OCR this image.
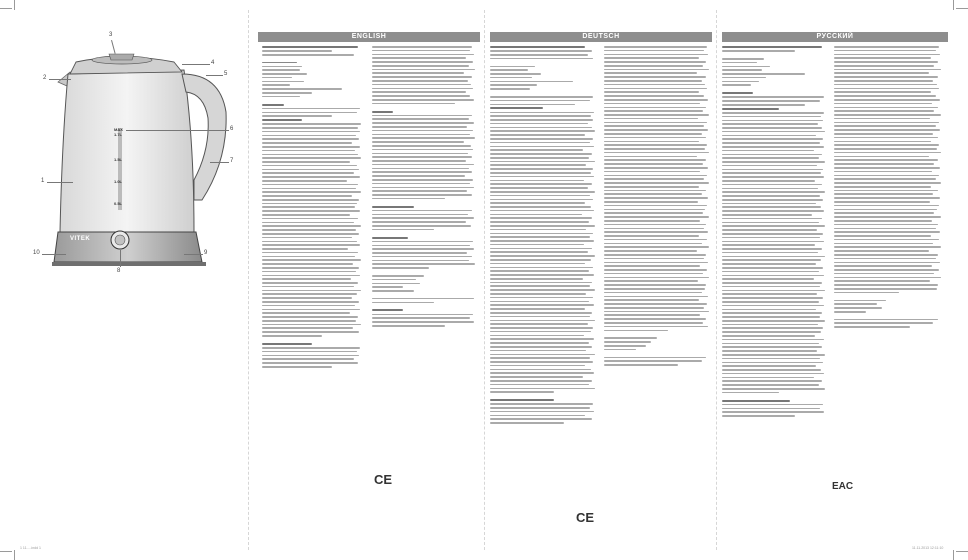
VITEK
MAX
1.7L
1.5L
1.0L
0.5L
1
2
3
4
5
6
7
8
9
10
1 11.....indd 1
ENGLISH
CE
DEUTSCH
CE
РУССКИЙ
EAC
11.11.2013 12:11:10
